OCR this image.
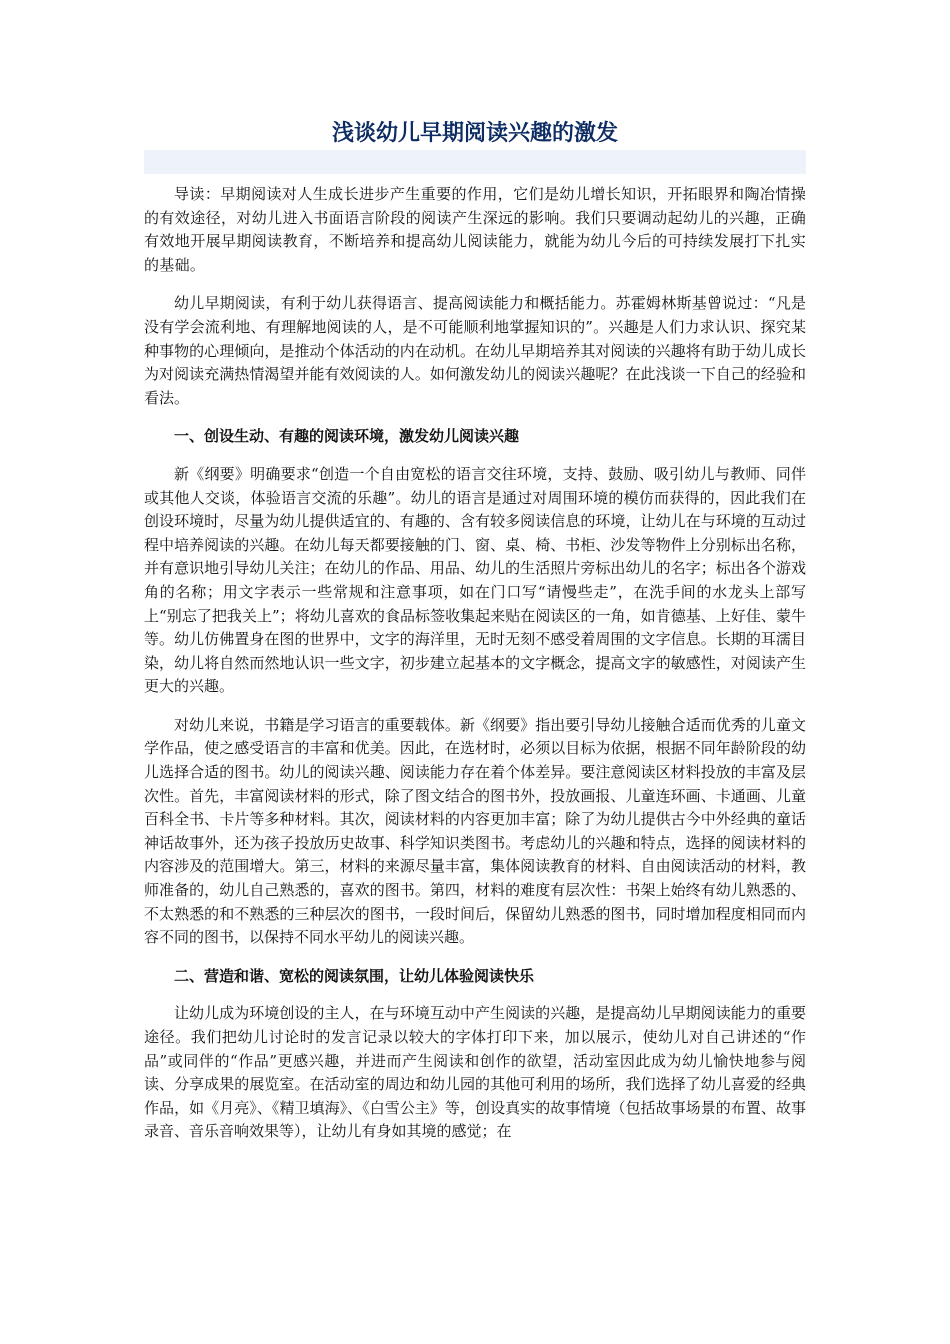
浅谈幼儿早期阅读兴趣的激发

导读：早期阅读对人生成长进步产生重要的作用，它们是幼儿增长知识，开拓眼界和陶冶情操的有效途径，对幼儿进入书面语言阶段的阅读产生深远的影响。我们只要调动起幼儿的兴趣，正确有效地开展早期阅读教育，不断培养和提高幼儿阅读能力，就能为幼儿今后的可持续发展打下扎实的基础。

幼儿早期阅读，有利于幼儿获得语言、提高阅读能力和概括能力。苏霍姆林斯基曾说过：“凡是没有学会流利地、有理解地阅读的人，是不可能顺利地掌握知识的”。兴趣是人们力求认识、探究某种事物的心理倾向，是推动个体活动的内在动机。在幼儿早期培养其对阅读的兴趣将有助于幼儿成长为对阅读充满热情渴望并能有效阅读的人。如何激发幼儿的阅读兴趣呢？在此浅谈一下自己的经验和看法。

一、创设生动、有趣的阅读环境，激发幼儿阅读兴趣

新《纲要》明确要求“创造一个自由宽松的语言交往环境，支持、鼓励、吸引幼儿与教师、同伴或其他人交谈，体验语言交流的乐趣”。幼儿的语言是通过对周围环境的模仿而获得的，因此我们在创设环境时，尽量为幼儿提供适宜的、有趣的、含有较多阅读信息的环境，让幼儿在与环境的互动过程中培养阅读的兴趣。在幼儿每天都要接触的门、窗、桌、椅、书柜、沙发等物件上分别标出名称，并有意识地引导幼儿关注；在幼儿的作品、用品、幼儿的生活照片旁标出幼儿的名字；标出各个游戏角的名称；用文字表示一些常规和注意事项，如在门口写“请慢些走”，在洗手间的水龙头上部写上“别忘了把我关上”；将幼儿喜欢的食品标签收集起来贴在阅读区的一角，如肯德基、上好佳、蒙牛等。幼儿仿佛置身在图的世界中，文字的海洋里，无时无刻不感受着周围的文字信息。长期的耳濡目染，幼儿将自然而然地认识一些文字，初步建立起基本的文字概念，提高文字的敏感性，对阅读产生更大的兴趣。

对幼儿来说，书籍是学习语言的重要载体。新《纲要》指出要引导幼儿接触合适而优秀的儿童文学作品，使之感受语言的丰富和优美。因此，在选材时，必须以目标为依据，根据不同年龄阶段的幼儿选择合适的图书。幼儿的阅读兴趣、阅读能力存在着个体差异。要注意阅读区材料投放的丰富及层次性。首先，丰富阅读材料的形式，除了图文结合的图书外，投放画报、儿童连环画、卡通画、儿童百科全书、卡片等多种材料。其次，阅读材料的内容更加丰富；除了为幼儿提供古今中外经典的童话神话故事外，还为孩子投放历史故事、科学知识类图书。考虑幼儿的兴趣和特点，选择的阅读材料的内容涉及的范围增大。第三，材料的来源尽量丰富，集体阅读教育的材料、自由阅读活动的材料，教师准备的，幼儿自己熟悉的，喜欢的图书。第四，材料的难度有层次性：书架上始终有幼儿熟悉的、不太熟悉的和不熟悉的三种层次的图书，一段时间后，保留幼儿熟悉的图书，同时增加程度相同而内容不同的图书，以保持不同水平幼儿的阅读兴趣。

二、营造和谐、宽松的阅读氛围，让幼儿体验阅读快乐

让幼儿成为环境创设的主人，在与环境互动中产生阅读的兴趣，是提高幼儿早期阅读能力的重要途径。我们把幼儿讨论时的发言记录以较大的字体打印下来，加以展示，使幼儿对自己讲述的“作品”或同伴的“作品”更感兴趣，并进而产生阅读和创作的欲望，活动室因此成为幼儿愉快地参与阅读、分享成果的展览室。在活动室的周边和幼儿园的其他可利用的场所，我们选择了幼儿喜爱的经典作品，如《月亮》、《精卫填海》、《白雪公主》等，创设真实的故事情境（包括故事场景的布置、故事录音、音乐音响效果等），让幼儿有身如其境的感觉；在
